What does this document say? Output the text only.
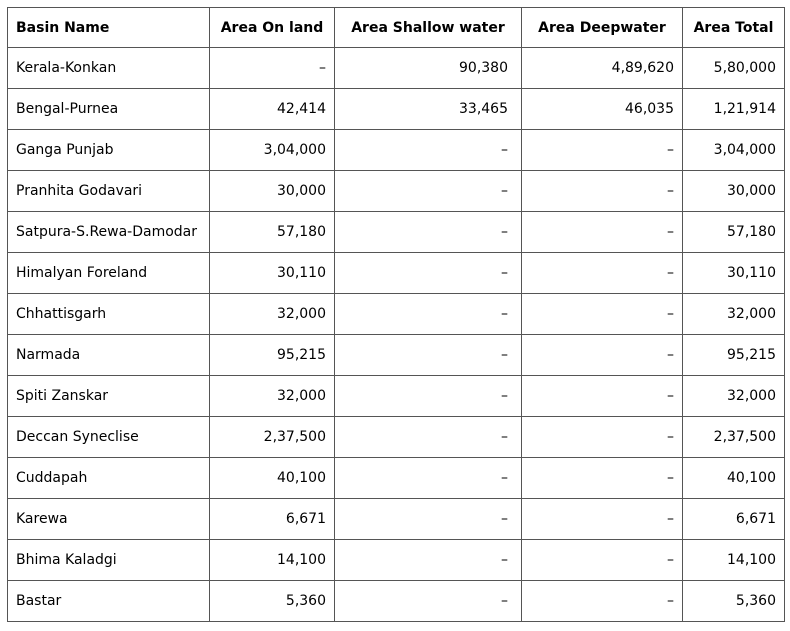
Basin Name	Area On land	Area Shallow water	Area Deepwater	Area Total
Kerala-Konkan	–	90,380	4,89,620	5,80,000
Bengal-Purnea	42,414	33,465	46,035	1,21,914
Ganga Punjab	3,04,000	–	–	3,04,000
Pranhita Godavari	30,000	–	–	30,000
Satpura-S.Rewa-Damodar	57,180	–	–	57,180
Himalyan Foreland	30,110	–	–	30,110
Chhattisgarh	32,000	–	–	32,000
Narmada	95,215	–	–	95,215
Spiti Zanskar	32,000	–	–	32,000
Deccan Syneclise	2,37,500	–	–	2,37,500
Cuddapah	40,100	–	–	40,100
Karewa	6,671	–	–	6,671
Bhima Kaladgi	14,100	–	–	14,100
Bastar	5,360	–	–	5,360
